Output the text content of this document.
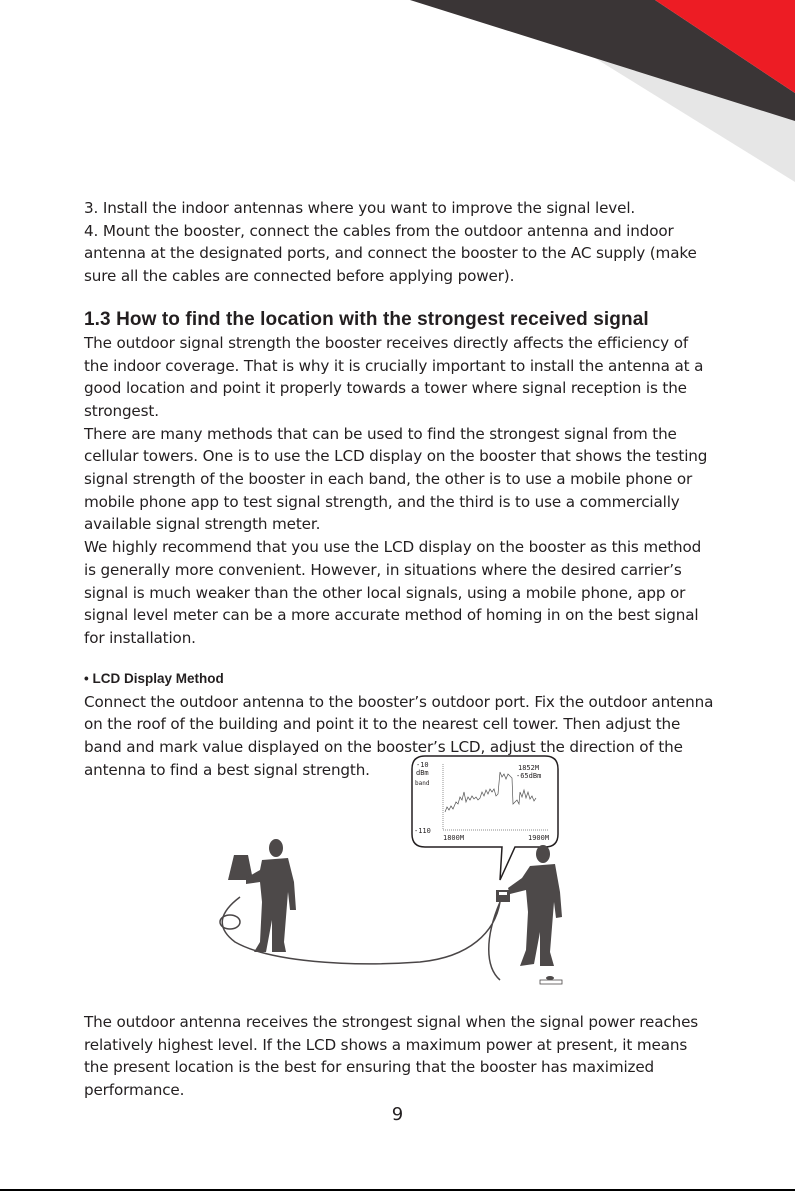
3. Install the indoor antennas where you want to improve the signal level.

4. Mount the booster, connect the cables from the outdoor antenna and indoor antenna at the designated ports, and connect the booster to the AC supply (make sure all the cables are connected before applying power).

1.3 How to find the location with the strongest received signal

The outdoor signal strength the booster receives directly affects the efficiency of the indoor coverage. That is why it is crucially important to install the antenna at a good location and point it properly towards a tower where signal reception is the strongest.

There are many methods that can be used to find the strongest signal from the cellular towers. One is to use the LCD display on the booster that shows the testing signal strength of the booster in each band, the other is to use a mobile phone or mobile phone app to test signal strength, and the third is to use a commercially available signal strength meter.

We highly recommend that you use the LCD display on the booster as this method is generally more convenient. However, in situations where the desired carrier’s signal is much weaker than the other local signals, using a mobile phone, app or signal level meter can be a more accurate method of homing in on the best signal for installation.

• LCD Display Method

Connect the outdoor antenna to the booster’s outdoor port. Fix the outdoor antenna on the roof of the building and point it to the nearest cell tower. Then adjust the band and mark value displayed on the booster’s LCD, adjust the direction of the antenna to find a best signal strength.	-10
dBm
band
-110
1800M	1900M
1852M
-65dBm

The outdoor antenna receives the strongest signal when the signal power reaches relatively highest level. If the LCD shows a maximum power at present, it means the present location is the best for ensuring that the booster has maximized performance.

9
